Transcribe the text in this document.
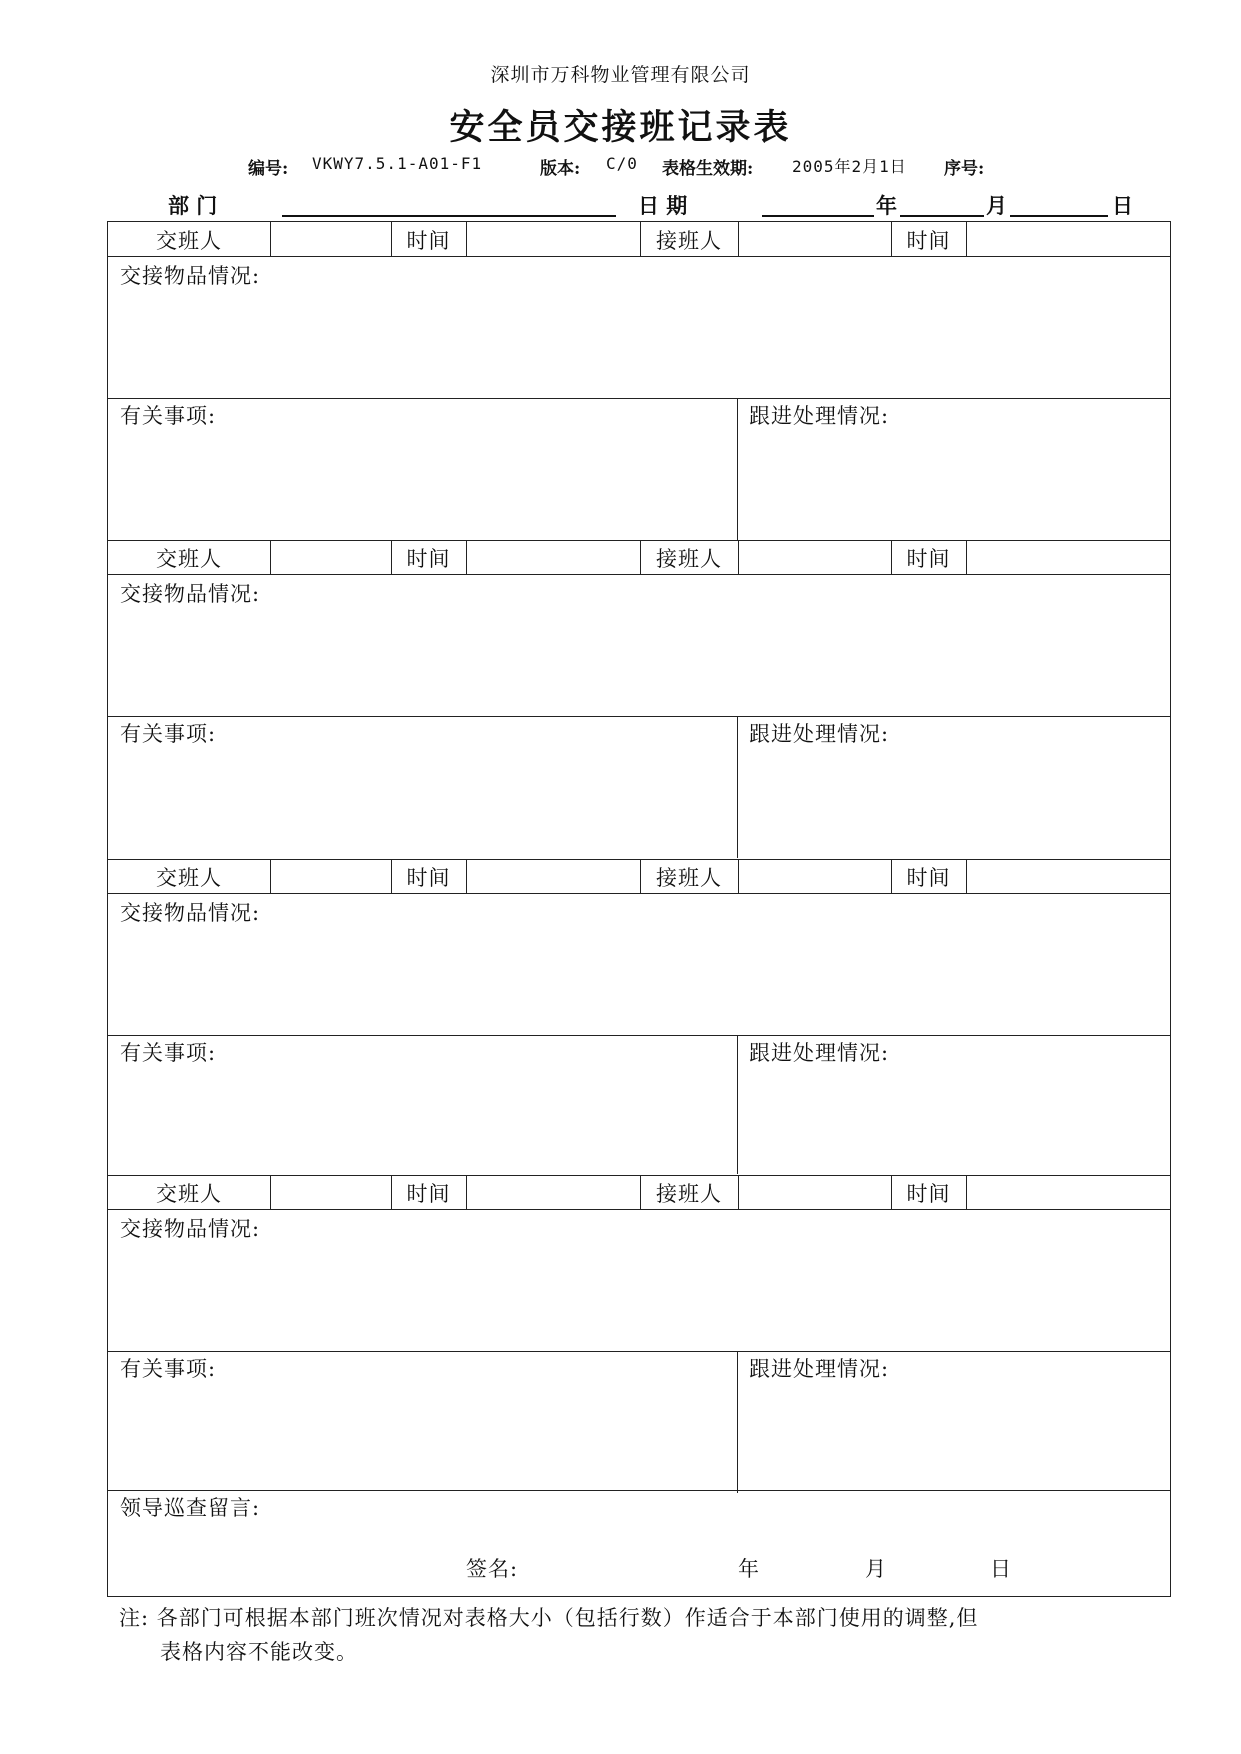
深圳市万科物业管理有限公司
安全员交接班记录表
编号: VKWY7.5.1-A01-F1	版本: C/0 表格生效期: 2005年2月1日 序号:
部 门	日 期	年	月	日
交班人	时间	接班人	时间
交接物品情况:
有关事项:	跟进处理情况:
交班人	时间	接班人	时间
交接物品情况:
有关事项:	跟进处理情况:
交班人	时间	接班人	时间
交接物品情况:
有关事项:	跟进处理情况:
交班人	时间	接班人	时间
交接物品情况:
有关事项:	跟进处理情况:
领导巡查留言:
签名:	年	月	日
注: 各部门可根据本部门班次情况对表格大小（包括行数）作适合于本部门使用的调整,但
表格内容不能改变。
